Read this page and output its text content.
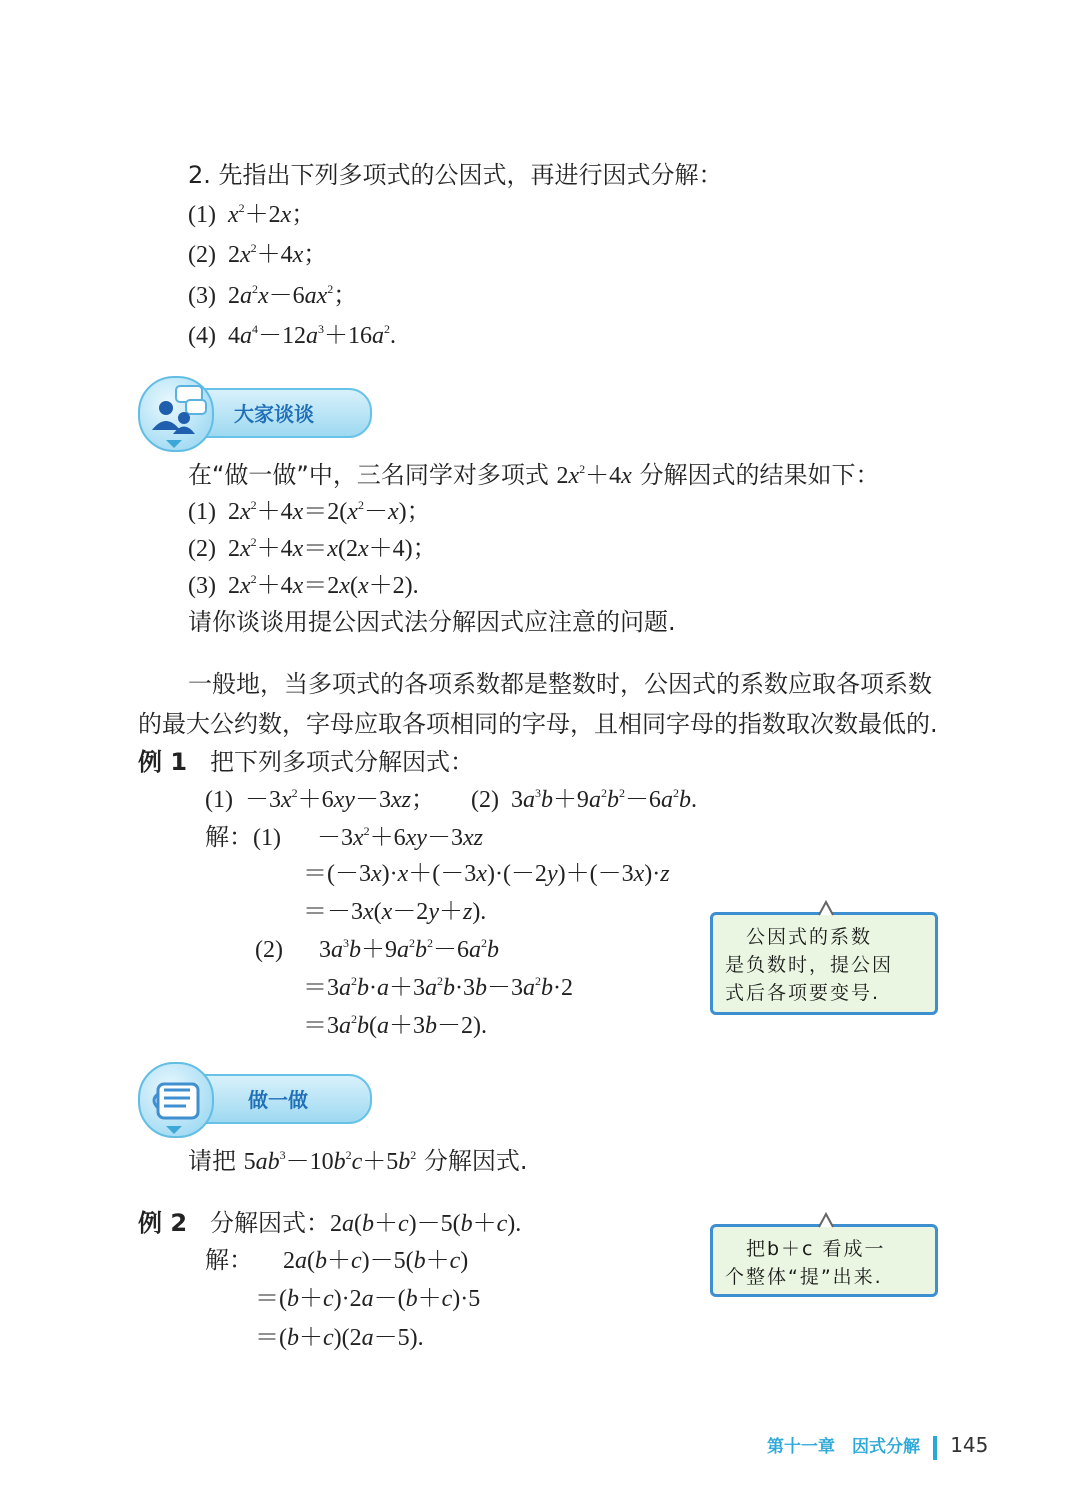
2. 先指出下列多项式的公因式，再进行因式分解：
(1) $x^2+2x$；
(2)  $2x^2+4x$；
(3)  $2a^2x-6ax^2$；
(4)  $4a^4-12a^3+16a^2$.
大家谈谈
在“做一做”中，三名同学对多项式 $2x^2+4x$ 分解因式的结果如下：
(1)  $2x^2+4x=2(x^2-x)$；
(2)  $2x^2+4x=x(2x+4)$；
(3)  $2x^2+4x=2x(x+2)$.
请你谈谈用提公因式法分解因式应注意的问题.
一般地，当多项式的各项系数都是整数时，公因式的系数应取各项系数
的最大公约数，字母应取各项相同的字母，且相同字母的指数取次数最低的.
例 1 把下列多项式分解因式：
$(1) -3x^2+6xy-3xz$；      (2)  $3a^3b+9a^2b^2-6a^2b$.
解：(1)      $-3x^2+6xy-3xz$
＝(－3x)·x＋(－3x)·(－2y)＋(－3x)·z
＝－3x(x－2y＋z).
(2)      $3a^3b+9a^2b^2-6a^2b$
$=3a^2b\cdot a+3a^2b\cdot 3b-3a^2b\cdot 2$
$=3a^2b(a+3b-2)$.
　公因式的系数
是负数时，提公因
式后各项要变号.
做一做
请把 $5ab^3-10b^2c+5b^2$ 分解因式.
例 2 分解因式：2a(b＋c)－5(b＋c).
解：     2a(b＋c)－5(b＋c)
＝(b＋c)·2a－(b＋c)·5
＝(b＋c)(2a－5).
　把b＋c 看成一
个整体“提”出来.
第十一章　因式分解 145
